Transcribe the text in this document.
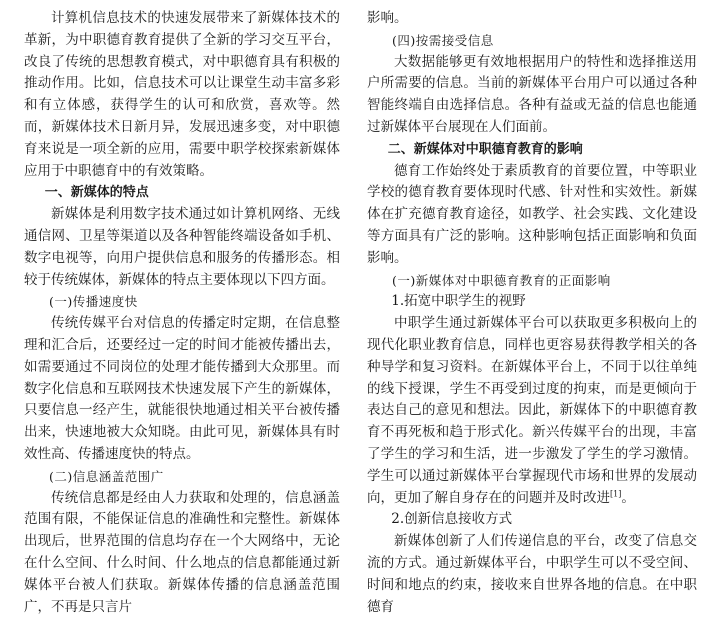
计算机信息技术的快速发展带来了新媒体技术的革新，为中职德育教育提供了全新的学习交互平台，改良了传统的思想教育模式，对中职德育具有积极的推动作用。比如，信息技术可以让课堂生动丰富多彩和有立体感，获得学生的认可和欣赏，喜欢等。然而，新媒体技术日新月异，发展迅速多变，对中职德育来说是一项全新的应用，需要中职学校探索新媒体应用于中职德育中的有效策略。

一、新媒体的特点

新媒体是利用数字技术通过如计算机网络、无线通信网、卫星等渠道以及各种智能终端设备如手机、数字电视等，向用户提供信息和服务的传播形态。相较于传统媒体，新媒体的特点主要体现以下四方面。

(一)传播速度快

传统传媒平台对信息的传播定时定期，在信息整理和汇合后，还要经过一定的时间才能被传播出去，如需要通过不同岗位的处理才能传播到大众那里。而数字化信息和互联网技术快速发展下产生的新媒体，只要信息一经产生，就能很快地通过相关平台被传播出来，快速地被大众知晓。由此可见，新媒体具有时效性高、传播速度快的特点。

(二)信息涵盖范围广

传统信息都是经由人力获取和处理的，信息涵盖范围有限，不能保证信息的准确性和完整性。新媒体出现后，世界范围的信息均存在一个大网络中，无论在什么空间、什么时间、什么地点的信息都能通过新媒体平台被人们获取。新媒体传播的信息涵盖范围广，不再是只言片

影响。

(四)按需接受信息

大数据能够更有效地根据用户的特性和选择推送用户所需要的信息。当前的新媒体平台用户可以通过各种智能终端自由选择信息。各种有益或无益的信息也能通过新媒体平台展现在人们面前。

二、新媒体对中职德育教育的影响

德育工作始终处于素质教育的首要位置，中等职业学校的德育教育要体现时代感、针对性和实效性。新媒体在扩充德育教育途径，如教学、社会实践、文化建设等方面具有广泛的影响。这种影响包括正面影响和负面影响。

(一)新媒体对中职德育教育的正面影响

1.拓宽中职学生的视野

中职学生通过新媒体平台可以获取更多积极向上的现代化职业教育信息，同样也更容易获得教学相关的各种导学和复习资料。在新媒体平台上，不同于以往单纯的线下授课，学生不再受到过度的拘束，而是更倾向于表达自己的意见和想法。因此，新媒体下的中职德育教育不再死板和趋于形式化。新兴传媒平台的出现，丰富了学生的学习和生活，进一步激发了学生的学习激情。学生可以通过新媒体平台掌握现代市场和世界的发展动向，更加了解自身存在的问题并及时改进[1]。

2.创新信息接收方式

新媒体创新了人们传递信息的平台，改变了信息交流的方式。通过新媒体平台，中职学生可以不受空间、时间和地点的约束，接收来自世界各地的信息。在中职德育
